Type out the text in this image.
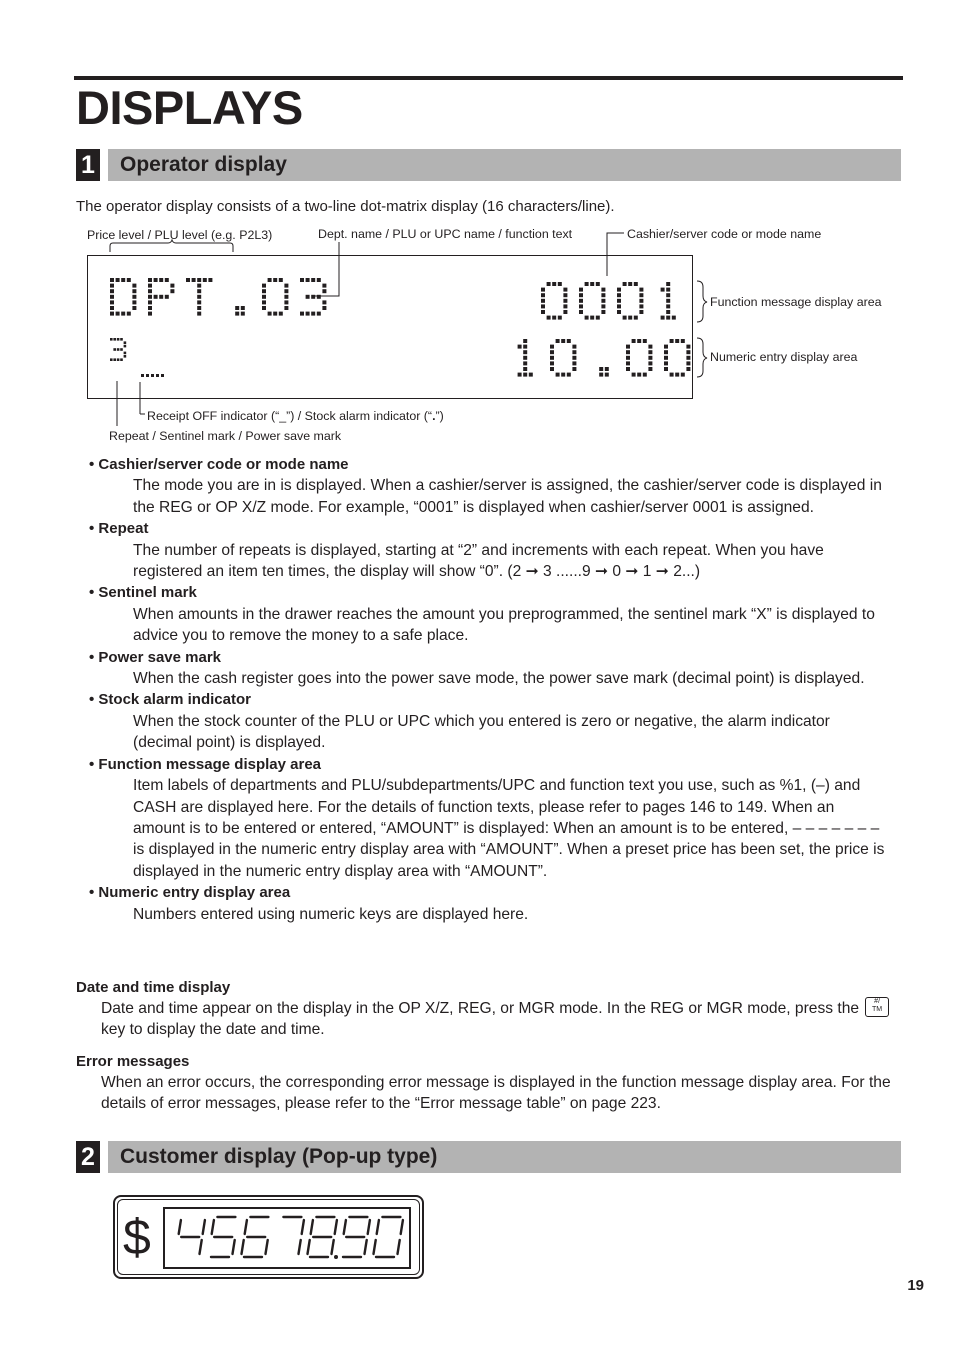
DISPLAYS
1 Operator display
The operator display consists of a two-line dot-matrix display (16 characters/line).
Price level / PLU level (e.g. P2L3)	Dept. name / PLU or UPC name / function text	Cashier/server code or mode name
Function message display area
Numeric entry display area
Receipt OFF indicator (“_”) / Stock alarm indicator (“.”)
Repeat / Sentinel mark / Power save mark
• Cashier/server code or mode name
The mode you are in is displayed. When a cashier/server is assigned, the cashier/server code is displayed in the REG or OP X/Z mode. For example, “0001” is displayed when cashier/server 0001 is assigned.
• Repeat
The number of repeats is displayed, starting at “2” and increments with each repeat. When you have registered an item ten times, the display will show “0”. (2 ➞ 3 ......9 ➞ 0 ➞ 1 ➞ 2...)
• Sentinel mark
When amounts in the drawer reaches the amount you preprogrammed, the sentinel mark “X” is displayed to advice you to remove the money to a safe place.
• Power save mark
When the cash register goes into the power save mode, the power save mark (decimal point) is displayed.
• Stock alarm indicator
When the stock counter of the PLU or UPC which you entered is zero or negative, the alarm indicator (decimal point) is displayed.
• Function message display area
Item labels of departments and PLU/subdepartments/UPC and function text you use, such as %1, (–) and CASH are displayed here. For the details of function texts, please refer to pages 146 to 149. When an amount is to be entered or entered, “AMOUNT” is displayed: When an amount is to be entered, – – – – – – – is displayed in the numeric entry display area with “AMOUNT”. When a preset price has been set, the price is displayed in the numeric entry display area with “AMOUNT”.
• Numeric entry display area
Numbers entered using numeric keys are displayed here.
Date and time display
Date and time appear on the display in the OP X/Z, REG, or MGR mode. In the REG or MGR mode, press the	#/
TM
key to display the date and time.
Error messages
When an error occurs, the corresponding error message is displayed in the function message display area. For the details of error messages, please refer to the “Error message table” on page 223.
2 Customer display (Pop-up type)
$
19
